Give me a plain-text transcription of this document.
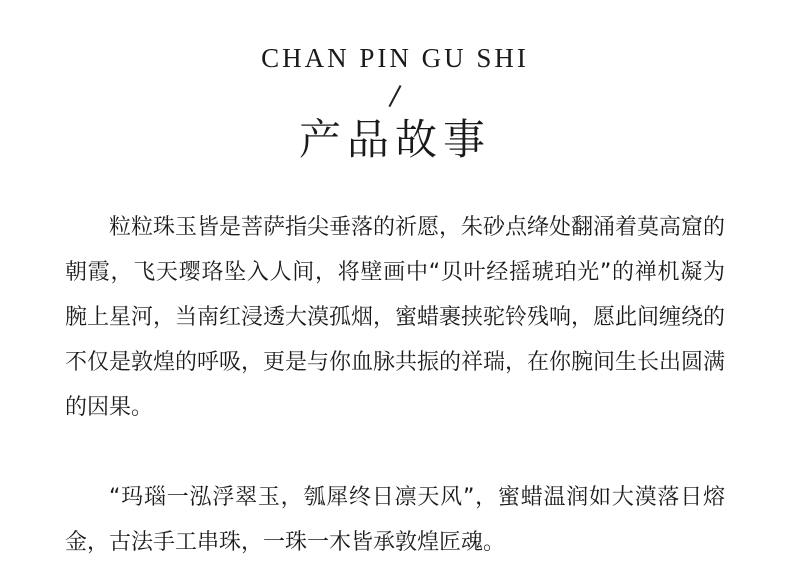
CHAN PIN GU SHI
产品故事

粒粒珠玉皆是菩萨指尖垂落的祈愿，朱砂点绛处翻涌着莫高窟的朝霞，飞天璎珞坠入人间，将壁画中“贝叶经摇琥珀光”的禅机凝为腕上星河，当南红浸透大漠孤烟，蜜蜡裹挟驼铃残响，愿此间缠绕的不仅是敦煌的呼吸，更是与你血脉共振的祥瑞，在你腕间生长出圆满的因果。

“玛瑙一泓浮翠玉，瓠犀终日凛天风”，蜜蜡温润如大漠落日熔金，古法手工串珠，一珠一木皆承敦煌匠魂。
